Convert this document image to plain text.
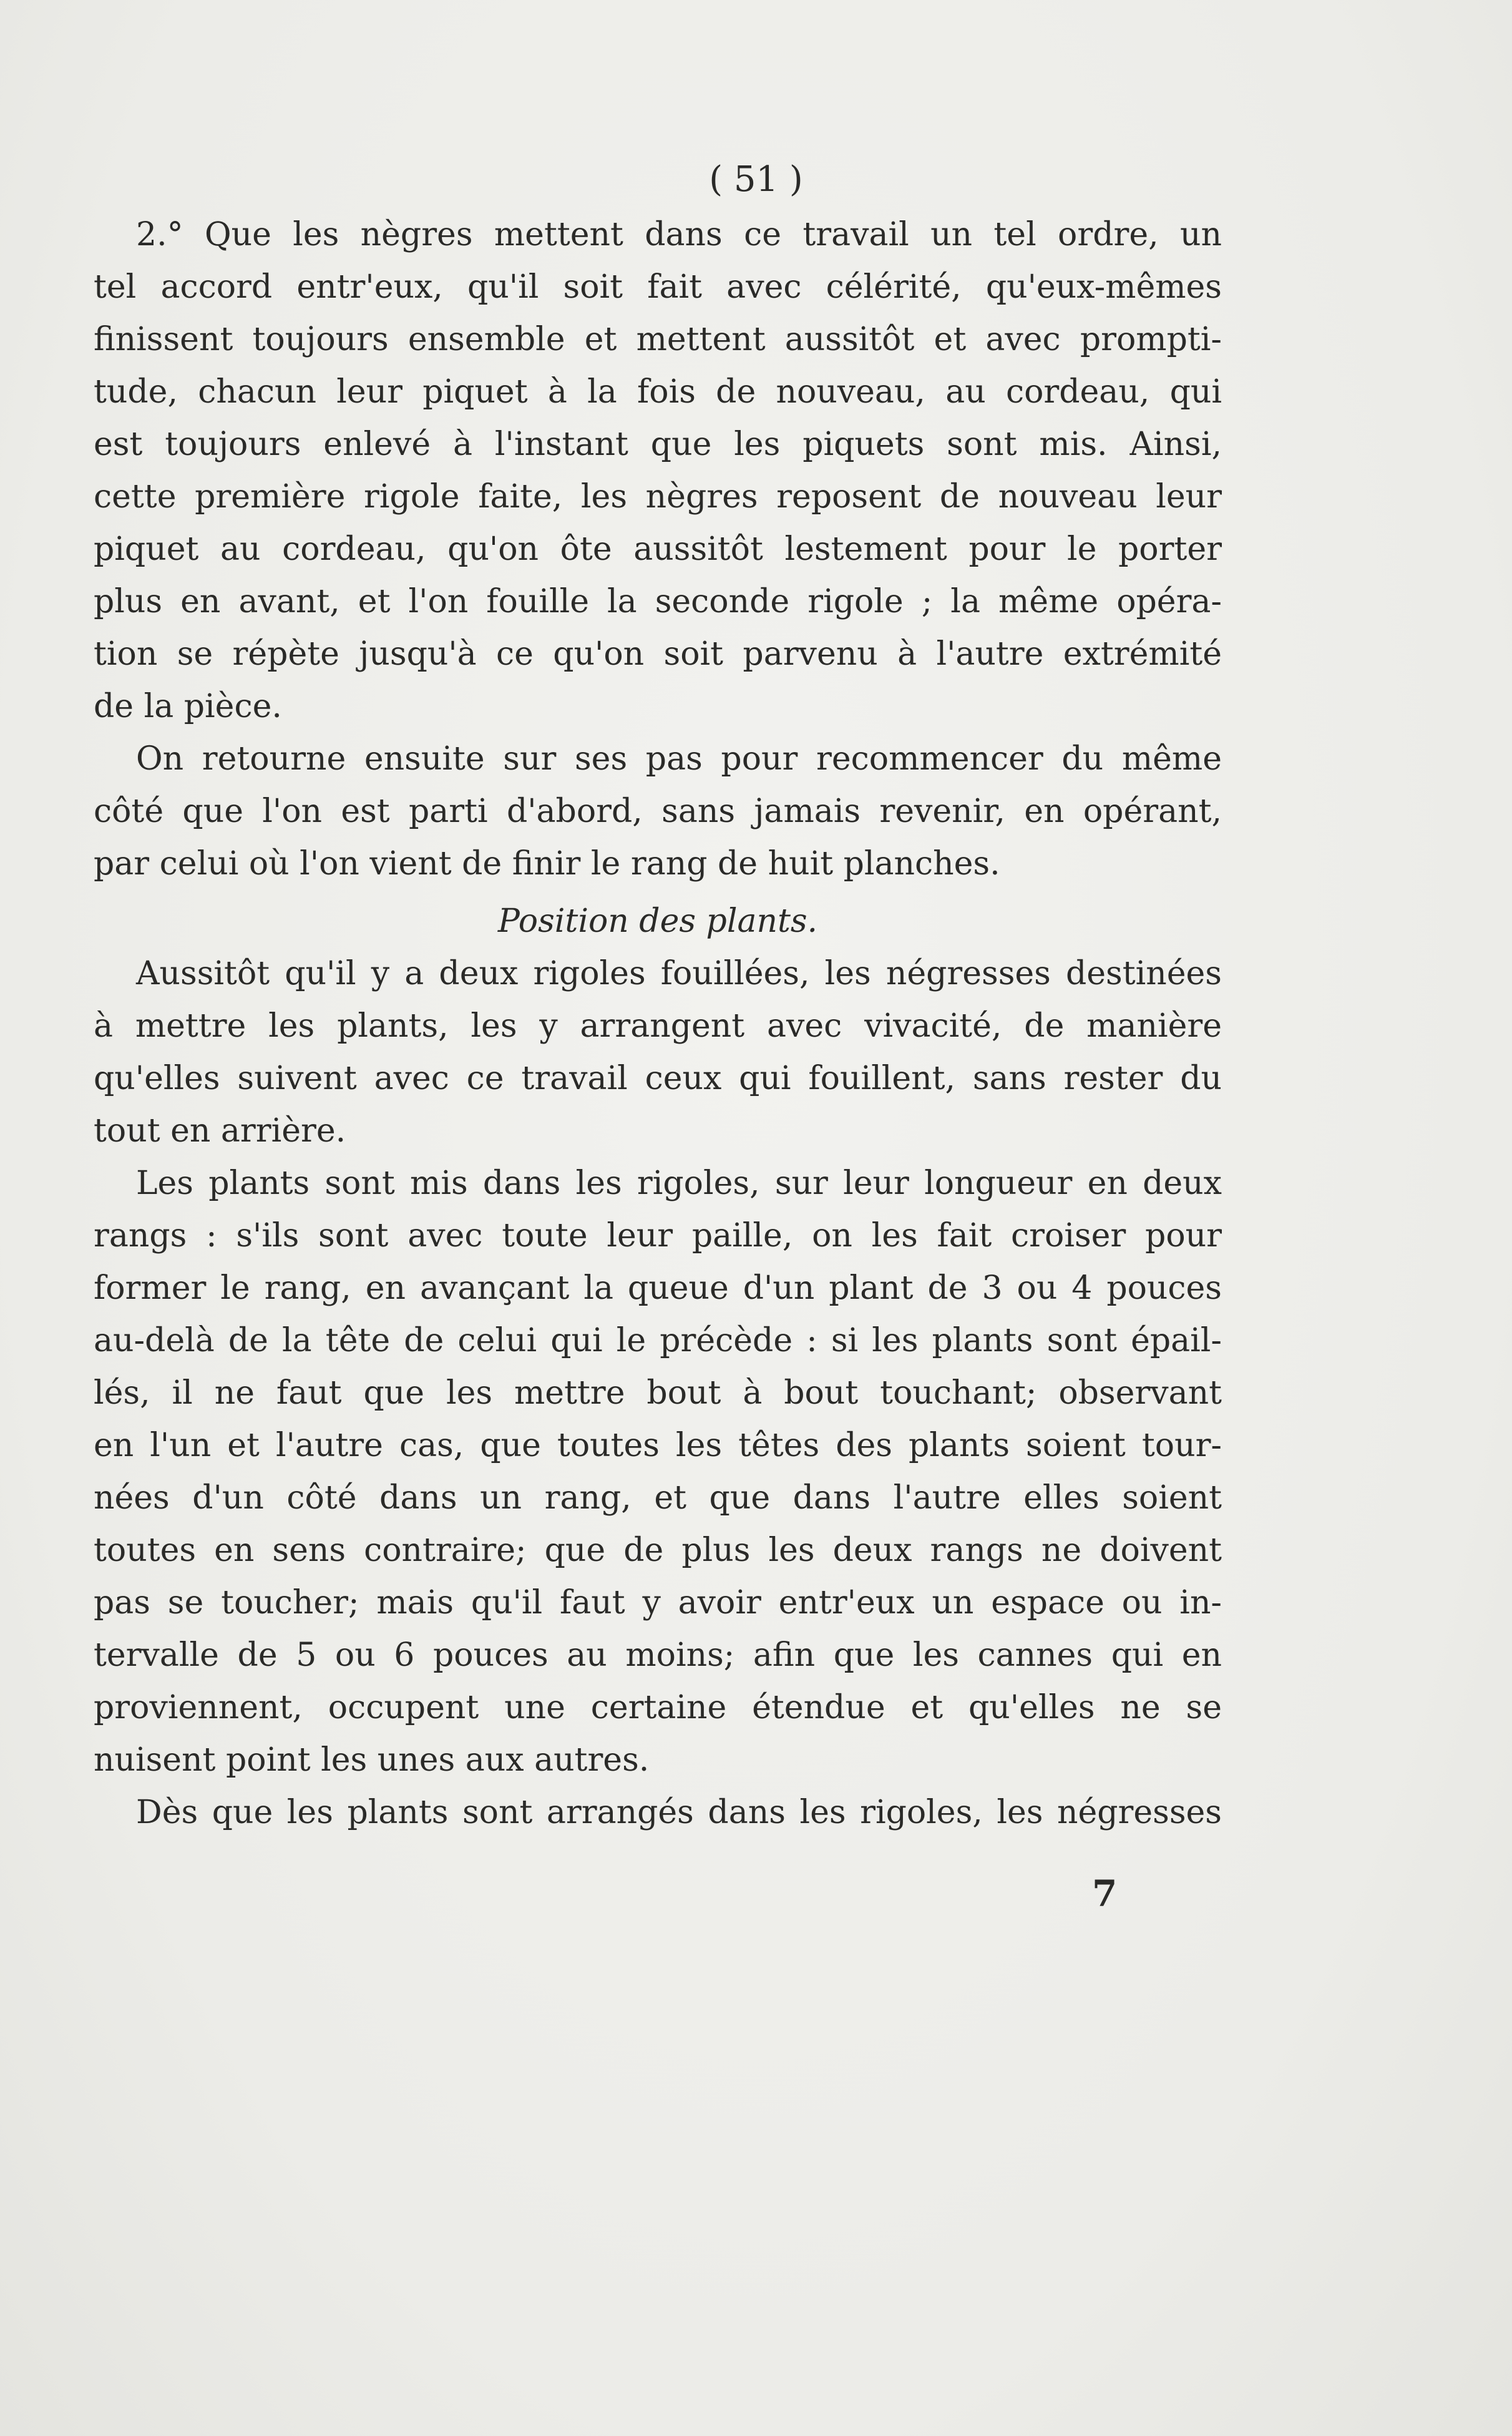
( 51 )
2.° Que les nègres mettent dans ce travail un tel ordre, un
tel accord entr'eux, qu'il soit fait avec célérité, qu'eux-mêmes
finissent toujours ensemble et mettent aussitôt et avec prompti-
tude, chacun leur piquet à la fois de nouveau, au cordeau, qui
est toujours enlevé à l'instant que les piquets sont mis. Ainsi,
cette première rigole faite, les nègres reposent de nouveau leur
piquet au cordeau, qu'on ôte aussitôt lestement pour le porter
plus en avant, et l'on fouille la seconde rigole ; la même opéra-
tion se répète jusqu'à ce qu'on soit parvenu à l'autre extrémité
de la pièce.
On retourne ensuite sur ses pas pour recommencer du même
côté que l'on est parti d'abord, sans jamais revenir, en opérant,
par celui où l'on vient de finir le rang de huit planches.
Position des plants.
Aussitôt qu'il y a deux rigoles fouillées, les négresses destinées
à mettre les plants, les y arrangent avec vivacité, de manière
qu'elles suivent avec ce travail ceux qui fouillent, sans rester du
tout en arrière.
Les plants sont mis dans les rigoles, sur leur longueur en deux
rangs : s'ils sont avec toute leur paille, on les fait croiser pour
former le rang, en avançant la queue d'un plant de 3 ou 4 pouces
au-delà de la tête de celui qui le précède : si les plants sont épail-
lés, il ne faut que les mettre bout à bout touchant; observant
en l'un et l'autre cas, que toutes les têtes des plants soient tour-
nées d'un côté dans un rang, et que dans l'autre elles soient
toutes en sens contraire; que de plus les deux rangs ne doivent
pas se toucher; mais qu'il faut y avoir entr'eux un espace ou in-
tervalle de 5 ou 6 pouces au moins; afin que les cannes qui en
proviennent, occupent une certaine étendue et qu'elles ne se
nuisent point les unes aux autres.
Dès que les plants sont arrangés dans les rigoles, les négresses
7
